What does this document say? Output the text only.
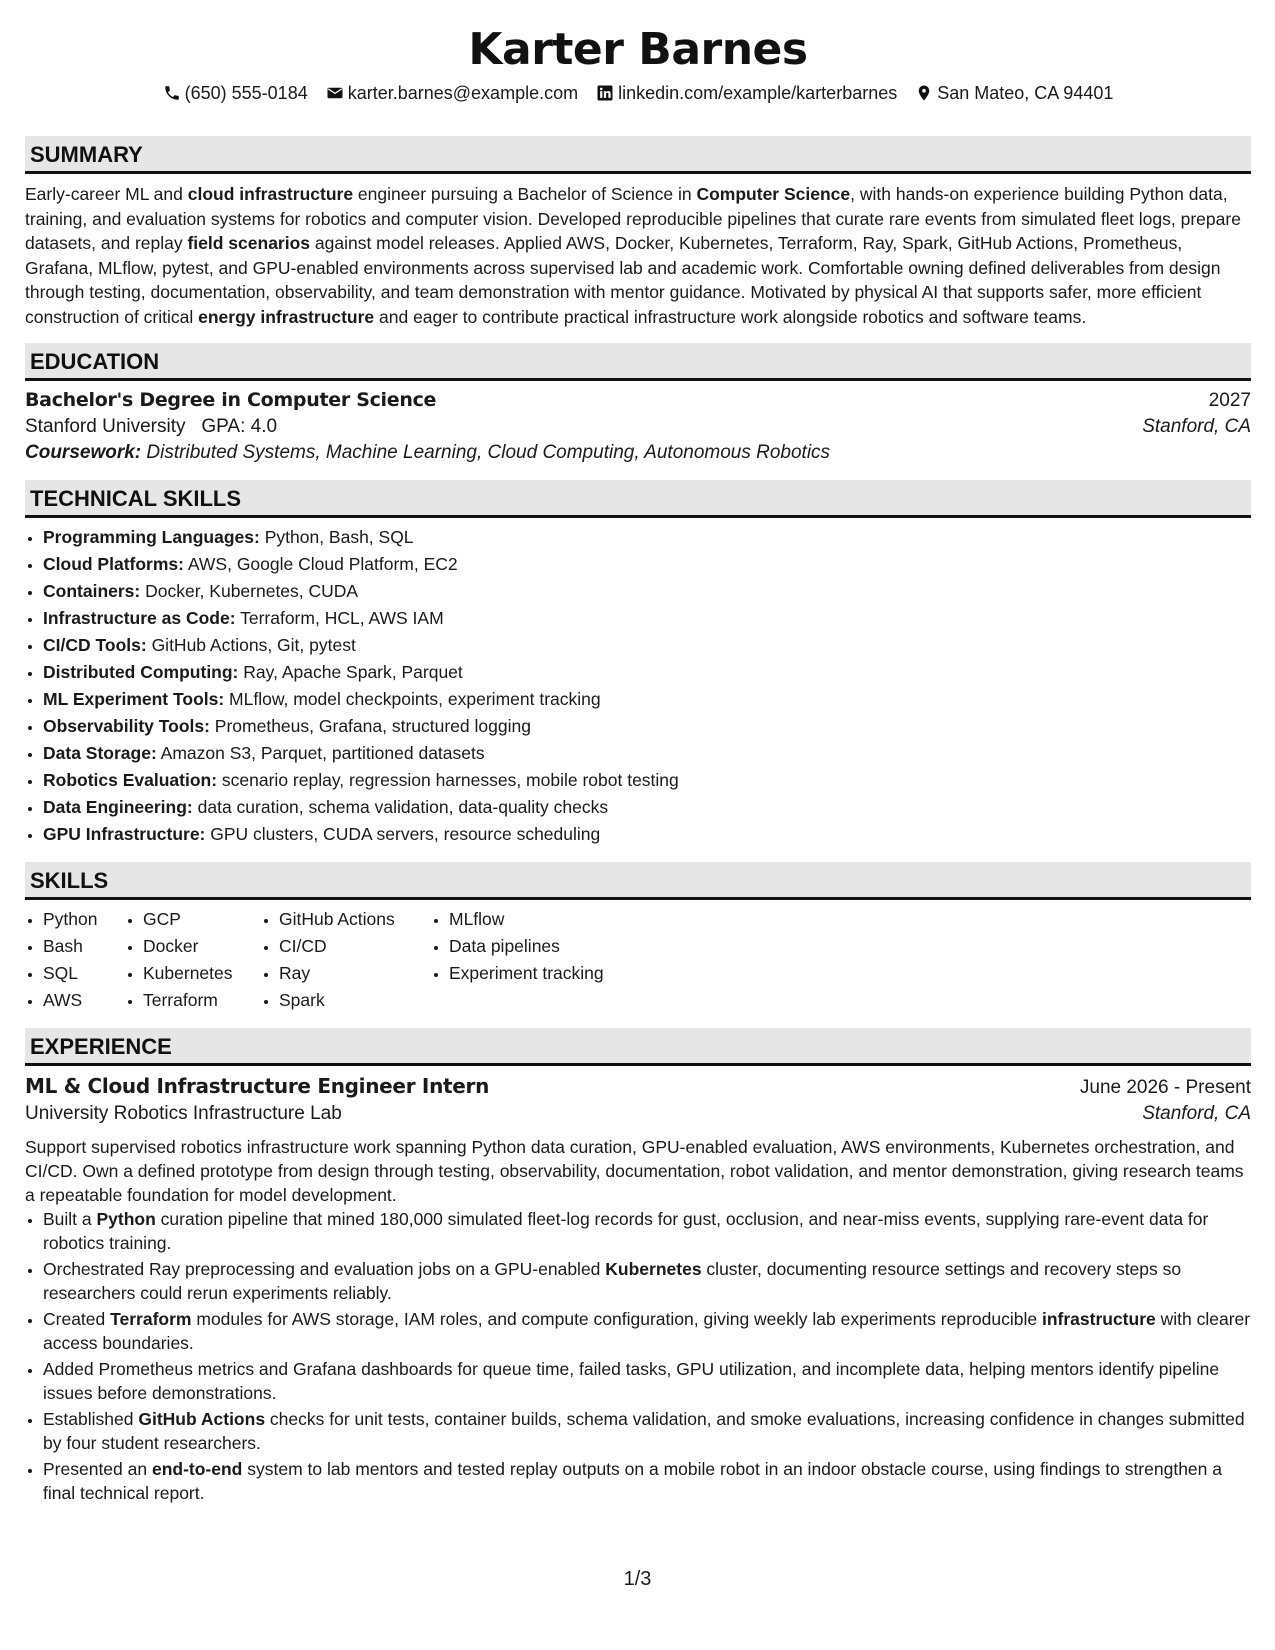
Karter Barnes
(650) 555-0184 karter.barnes@example.com linkedin.com/example/karterbarnes San Mateo, CA 94401
SUMMARY

Early-career ML and cloud infrastructure engineer pursuing a Bachelor of Science in Computer Science, with hands-on experience building Python data, training, and evaluation systems for robotics and computer vision. Developed reproducible pipelines that curate rare events from simulated fleet logs, prepare datasets, and replay field scenarios against model releases. Applied AWS, Docker, Kubernetes, Terraform, Ray, Spark, GitHub Actions, Prometheus, Grafana, MLflow, pytest, and GPU-enabled environments across supervised lab and academic work. Comfortable owning defined deliverables from design through testing, documentation, observability, and team demonstration with mentor guidance. Motivated by physical AI that supports safer, more efficient construction of critical energy infrastructure and eager to contribute practical infrastructure work alongside robotics and software teams.

EDUCATION
Bachelor's Degree in Computer Science	2027
Stanford University GPA: 4.0	Stanford, CA
Coursework: Distributed Systems, Machine Learning, Cloud Computing, Autonomous Robotics
TECHNICAL SKILLS
• Programming Languages: Python, Bash, SQL
• Cloud Platforms: AWS, Google Cloud Platform, EC2
• Containers: Docker, Kubernetes, CUDA
• Infrastructure as Code: Terraform, HCL, AWS IAM
• CI/CD Tools: GitHub Actions, Git, pytest
• Distributed Computing: Ray, Apache Spark, Parquet
• ML Experiment Tools: MLflow, model checkpoints, experiment tracking
• Observability Tools: Prometheus, Grafana, structured logging
• Data Storage: Amazon S3, Parquet, partitioned datasets
• Robotics Evaluation: scenario replay, regression harnesses, mobile robot testing
• Data Engineering: data curation, schema validation, data-quality checks
• GPU Infrastructure: GPU clusters, CUDA servers, resource scheduling
SKILLS
• Python
• Bash
• SQL
• AWS
• GCP
• Docker
• Kubernetes
• Terraform
• GitHub Actions
• CI/CD
• Ray
• Spark
• MLflow
• Data pipelines
• Experiment tracking
EXPERIENCE
ML & Cloud Infrastructure Engineer Intern	June 2026 - Present
University Robotics Infrastructure Lab	Stanford, CA
Support supervised robotics infrastructure work spanning Python data curation, GPU-enabled evaluation, AWS environments, Kubernetes orchestration, and CI/CD. Own a defined prototype from design through testing, observability, documentation, robot validation, and mentor demonstration, giving research teams a repeatable foundation for model development.
• Built a Python curation pipeline that mined 180,000 simulated fleet-log records for gust, occlusion, and near-miss events, supplying rare-event data for robotics training.
• Orchestrated Ray preprocessing and evaluation jobs on a GPU-enabled Kubernetes cluster, documenting resource settings and recovery steps so researchers could rerun experiments reliably.
• Created Terraform modules for AWS storage, IAM roles, and compute configuration, giving weekly lab experiments reproducible infrastructure with clearer access boundaries.
• Added Prometheus metrics and Grafana dashboards for queue time, failed tasks, GPU utilization, and incomplete data, helping mentors identify pipeline issues before demonstrations.
• Established GitHub Actions checks for unit tests, container builds, schema validation, and smoke evaluations, increasing confidence in changes submitted by four student researchers.
• Presented an end-to-end system to lab mentors and tested replay outputs on a mobile robot in an indoor obstacle course, using findings to strengthen a final technical report.
1/3
